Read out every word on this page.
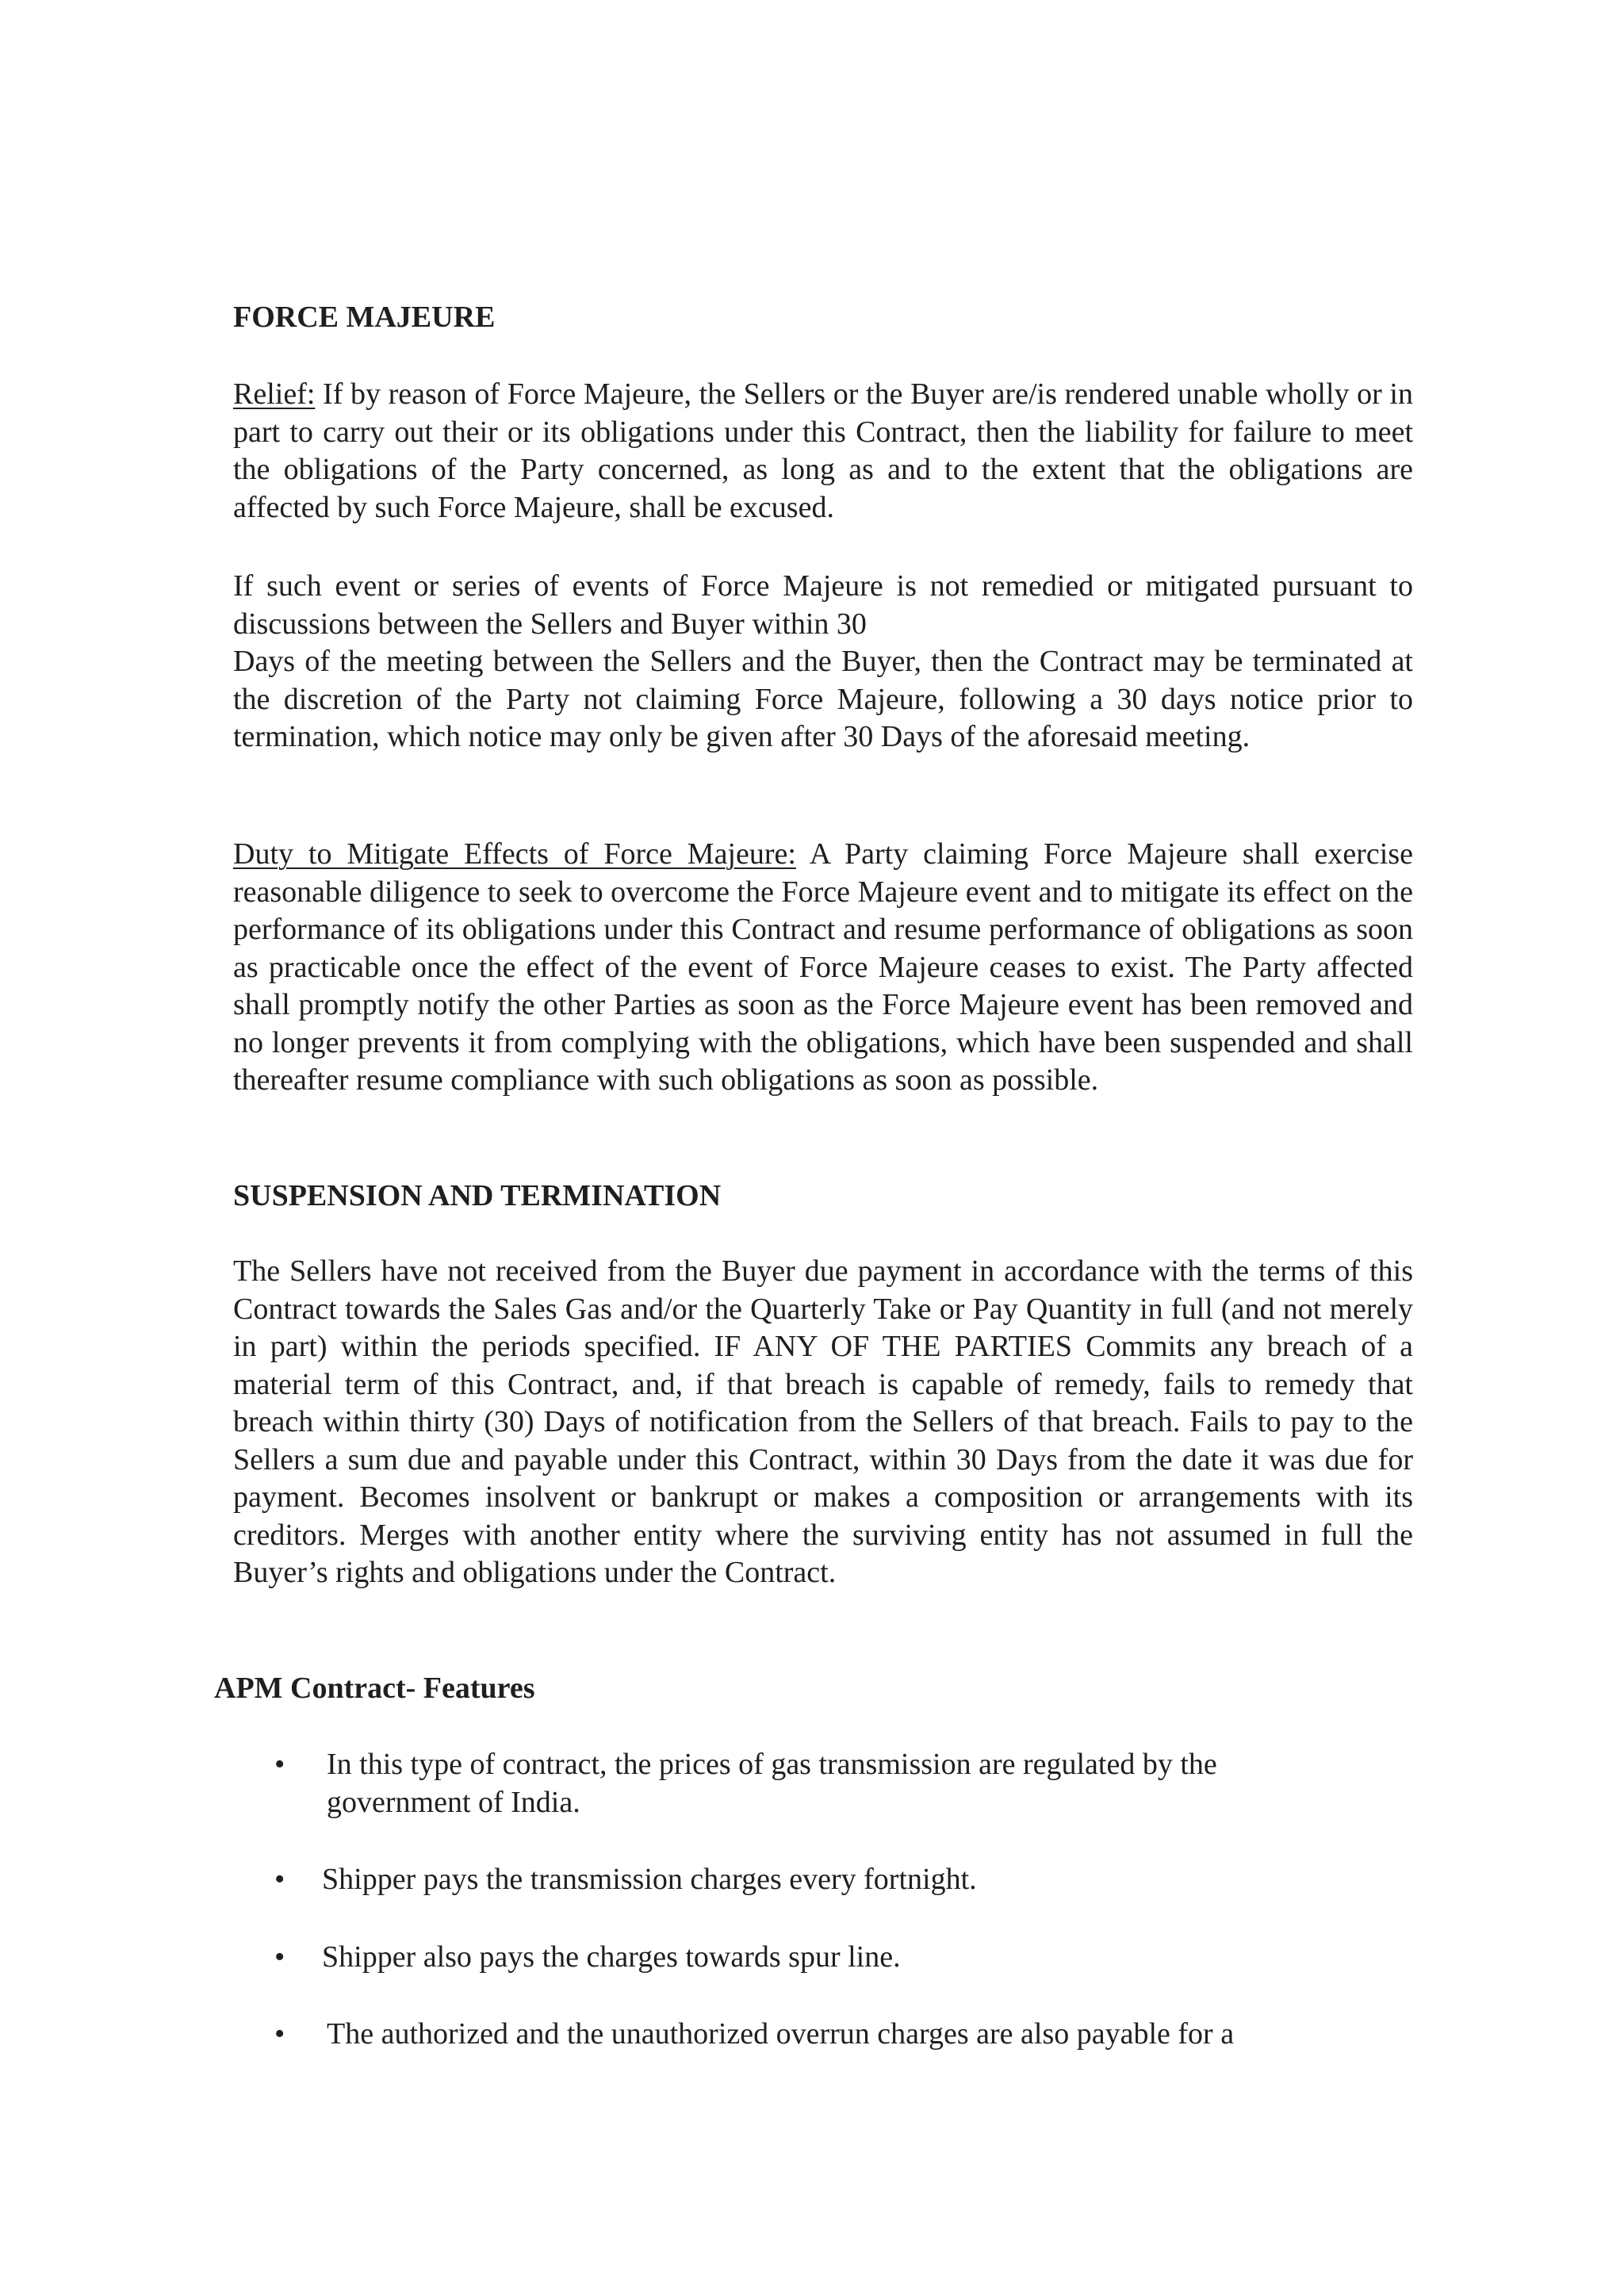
FORCE MAJEURE

Relief: If by reason of Force Majeure, the Sellers or the Buyer are/is rendered unable wholly or in part to carry out their or its obligations under this Contract, then the liability for failure to meet the obligations of the Party concerned, as long as and to the extent that the obligations are affected by such Force Majeure, shall be excused.

If such event or series of events of Force Majeure is not remedied or mitigated pursuant to discussions between the Sellers and Buyer within 30
Days of the meeting between the Sellers and the Buyer, then the Contract may be terminated at the discretion of the Party not claiming Force Majeure, following a 30 days notice prior to termination, which notice may only be given after 30 Days of the aforesaid meeting.

Duty to Mitigate Effects of Force Majeure: A Party claiming Force Majeure shall exercise reasonable diligence to seek to overcome the Force Majeure event and to mitigate its effect on the performance of its obligations under this Contract and resume performance of obligations as soon as practicable once the effect of the event of Force Majeure ceases to exist. The Party affected shall promptly notify the other Parties as soon as the Force Majeure event has been removed and no longer prevents it from complying with the obligations, which have been suspended and shall thereafter resume compliance with such obligations as soon as possible.

SUSPENSION AND TERMINATION

The Sellers have not received from the Buyer due payment in accordance with the terms of this Contract towards the Sales Gas and/or the Quarterly Take or Pay Quantity in full (and not merely in part) within the periods specified. IF ANY OF THE PARTIES Commits any breach of a material term of this Contract, and, if that breach is capable of remedy, fails to remedy that breach within thirty (30) Days of notification from the Sellers of that breach. Fails to pay to the Sellers a sum due and payable under this Contract, within 30 Days from the date it was due for payment. Becomes insolvent or bankrupt or makes a composition or arrangements with its creditors. Merges with another entity where the surviving entity has not assumed in full the Buyer’s rights and obligations under the Contract.

APM Contract- Features
• In this type of contract, the prices of gas transmission are regulated by the government of India.
• Shipper pays the transmission charges every fortnight.
• Shipper also pays the charges towards spur line.
• The authorized and the unauthorized overrun charges are also payable for a
